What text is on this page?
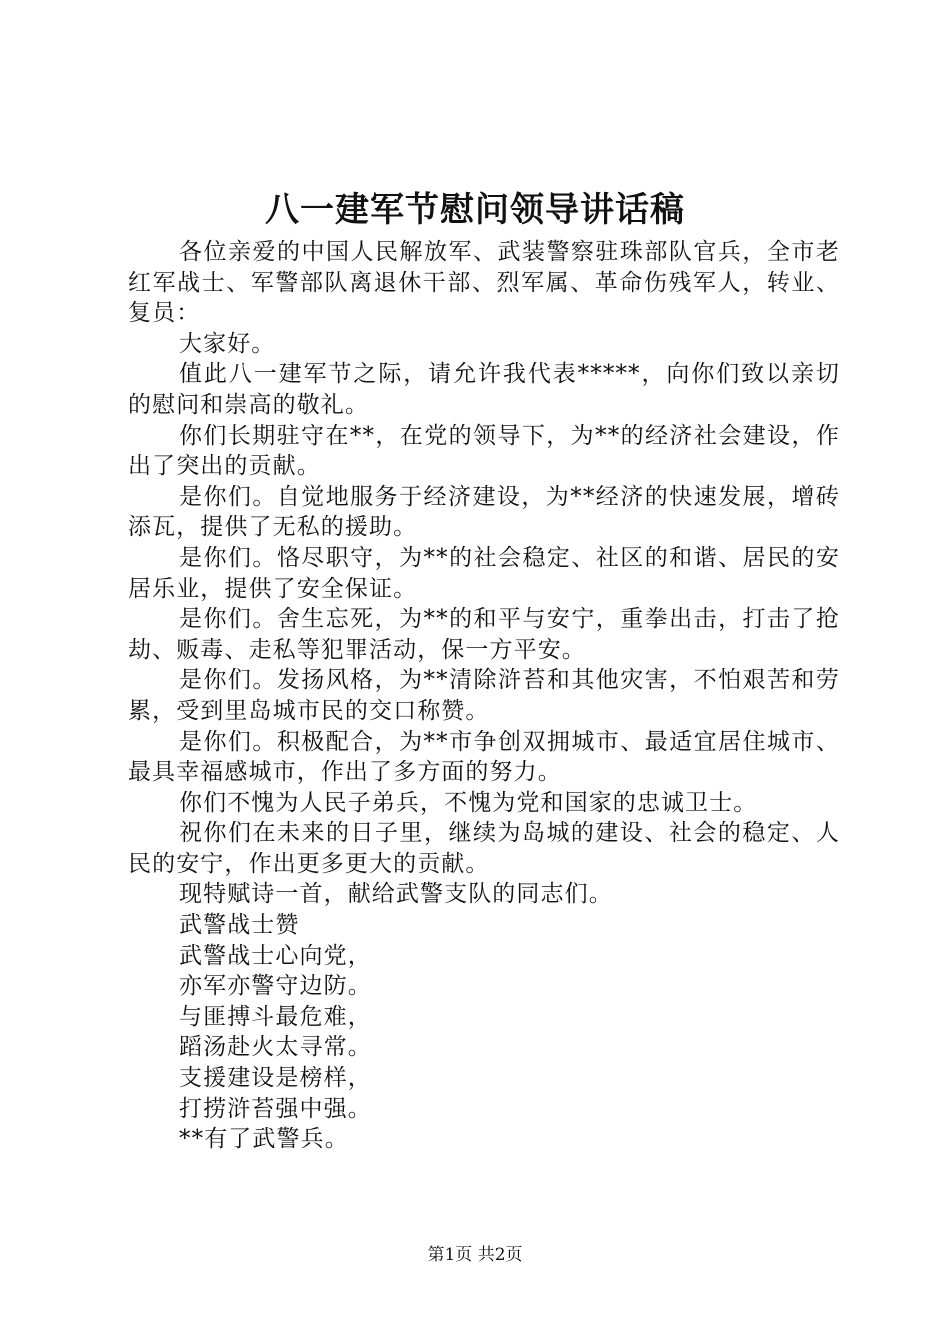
八一建军节慰问领导讲话稿

各位亲爱的中国人民解放军、武装警察驻珠部队官兵，全市老红军战士、军警部队离退休干部、烈军属、革命伤残军人，转业、复员：

大家好。

值此八一建军节之际，请允许我代表*****，向你们致以亲切的慰问和崇高的敬礼。

你们长期驻守在**，在党的领导下，为**的经济社会建设，作出了突出的贡献。

是你们。自觉地服务于经济建设，为**经济的快速发展，增砖添瓦，提供了无私的援助。

是你们。恪尽职守，为**的社会稳定、社区的和谐、居民的安居乐业，提供了安全保证。

是你们。舍生忘死，为**的和平与安宁，重拳出击，打击了抢劫、贩毒、走私等犯罪活动，保一方平安。

是你们。发扬风格，为**清除浒苔和其他灾害，不怕艰苦和劳累，受到里岛城市民的交口称赞。

是你们。积极配合，为**市争创双拥城市、最适宜居住城市、最具幸福感城市，作出了多方面的努力。

你们不愧为人民子弟兵，不愧为党和国家的忠诚卫士。

祝你们在未来的日子里，继续为岛城的建设、社会的稳定、人民的安宁，作出更多更大的贡献。

现特赋诗一首，献给武警支队的同志们。

武警战士赞

武警战士心向党，

亦军亦警守边防。

与匪搏斗最危难，

蹈汤赴火太寻常。

支援建设是榜样，

打捞浒苔强中强。

**有了武警兵。

第1页 共2页
